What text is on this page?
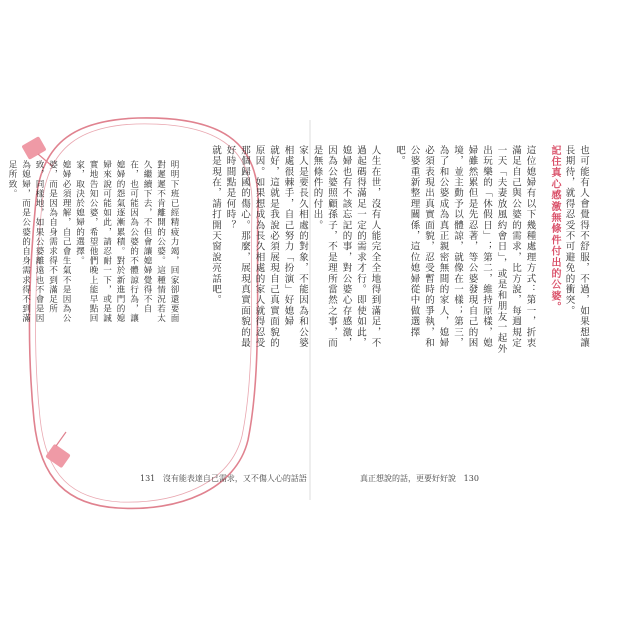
就好，這就是我說必須展現自己真實面貌的原因。如果想成為長久相處的家人就得忍受那個歸國的傷心。那麼，展現真實面貌的最好時間點是何時？

就是現在，請打開天窗說亮話吧。

明明下班已經精疲力竭，回家卻還要面對遲遲不肯離開的公婆。這種情況若太久繼續下去，不但會讓媳婦覺得不自在，也可能因為公婆的不體諒行為，讓媳婦的怨氣逐漸累積。對於新進門的媳婦來說可能如此，請忍耐一下，或是誠實地告知公婆，希望他們晚上能早點回家，取決於媳婦的選擇。

媳婦必須理解，自己會生氣不是因為公婆，而是因為自身需求得不到滿足所致，同樣地，如果公婆離遠也不會是因為媳婦，而是公婆的自身需求得不到滿足所致。	也可能有人會覺得不舒服，不過，如果想讓長期待，就得忍受不可避免的衝突。

記住真心感激無條件付出的公婆。

這位媳婦有以下幾種處理方式：第一，折衷滿足自己與公婆的需求，比方說，每週規定一天「夫妻放風約會日」，或是和朋友一起外出玩樂的「休假日」；第二，維持原樣，媳婦雖然累但是先忍著，等公婆發現自己的困境，並主動予以體諒，就像在一樣；第三，為了和公婆成為真正親密無間的家人，媳婦必須表現出真實面貌，忍受暫時的爭執，和公婆重新整理關係，這位媳婦從中做選擇吧。

人生在世，沒有人能完全全地得到滿足，不過起碼得滿足一定的需求才行。即使如此，媳婦也有不該忘記的事，對公婆心存感激，因為公婆照顧孫子，不是理所當然之事，而是無條件的付出。

家人是要長久相處的對象，不能因為和公婆相處很棘手，自己努力「扮演」好媳婦

131 沒有能表達自己需求，又不傷人心的話語	真正想說的話，更要好好說 130
